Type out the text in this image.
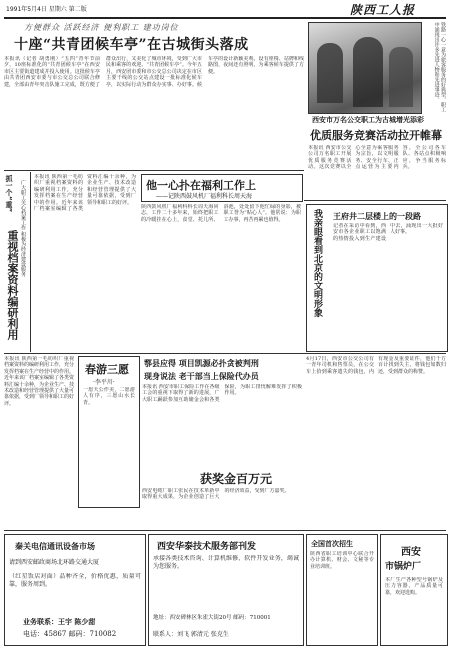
1991年5月4日 星期六 第二版	陕西工人报
方便群众 活跃经济 便利职工 建功岗位
十座“共青团候车亭”在古城街头落成
本报讯（记者 胡勇刚）“五四”青年节前夕，10座标准化的“共青团候车亭”在西安市区主要街道建成并投入使用。这批候车亭由共青团西安市委与市公交总公司联合修建，全部由青年突击队施工完成，既方便了群众出行，又美化了城市环境，受到广大市民和乘客的欢迎。“共青团候车亭”。今年五月，西安团市委和市公交总公司决定在市区主要干线的公交站点建设一批标准化候车亭，以实际行动为群众办实事、办好事。候车亭的设计新颖美观，设有座椅、站牌和线路图，夜间还有照明，为乘客候车提供了方便。
西安市万名公交职工为古城增光添彩
铁路一心一意为旅客服务的好典型，职工中涌现出许多先进人物和先进事迹。
优质服务竞赛活动拉开帷幕
本报讯 西安市公交公司万名职工开展优质服务竞赛活动。这次竞赛以全心全意为乘客服务为宗旨，以文明服务、安全行车、正点运营为主要内容，全公司各车队、各站点积极响应，争当服务标兵。
抓一个“重”
重视档案资料编研利用
广大职工关心档案工作 积极为经济建设服务
本报讯 陕西第一毛纺织厂重视档案资料的编研利用工作，充分发挥档案在生产经营中的作用。近年来该厂档案室编辑了各类资料汇编十余种，为企业生产、技术改造和经营管理提供了大量可靠依据，受到厂领导和职工的好评。
他一心扑在福利工作上
——记陕西鼓风机厂福利科长周天海
陕西鼓风机厂福利科科长周天海同志，工作二十多年来，始终把职工的冷暖挂在心上，食堂、托儿所、浴池，处处留下他忙碌的身影，被职工誉为“贴心人”。他常说：为职工办事，再苦再累也值得。	我亲眼看到北京的文明形象 王府井二层楼上的一段路
记者在采访中看到，西安市各企业职工以饱满的热情投入到生产建设中去，涌现出一大批好人好事。
本报讯 陕西第一毛纺织厂重视档案资料的编研利用工作，充分发挥档案在生产经营中的作用。近年来该厂档案室编辑了各类资料汇编十余种，为企业生产、技术改造和经营管理提供了大量可靠依据，受到厂领导和职工的好评。
春游三愿
·李平川·
一愿天公作美，二愿游人有序，三愿山水长青。
鄠县应得 项目凯源必扑贪被判刑
现身说法 老干部当上保险代办员
本报讯 西安市职工保险工作在各级工会的重视下取得了新的进展，广大职工踊跃参加互助储金会和各类保险，为职工排忧解难发挥了积极作用。
获奖金百万元
西安电缆厂职工张民在技术革新中取得重大成果，为企业创造了巨大的经济效益，受到厂方嘉奖。
4月17日，西安市公交公司有一青年司机和售票员，在公交车上拾到乘客遗失的钱包，内有现金及重要证件，他们千方百计找到失主，将钱包如数归还，受到群众的称赞。
秦关电信通讯设备市场
请到西安邮政商场北环路交通大厦
（红星饭店对面）品种齐全，价格优惠，质量可靠，服务周到。
业务联系：王宇 陈少甜
电话：45867 邮码：710082
西安华泰技术服务部刊发
承接各类技术咨询、计算机维修、软件开发业务，竭诚为您服务。
地址：西安碑林区朱雀大街20号 邮码：710001
联系人：刘飞 郭清元 张克生
全国首次招生
陕西省职工培训中心联合开办计算机、财会、文秘等专业培训班。
西安
市锅炉厂
本厂生产各种型号锅炉及压力容器，产品质量可靠，欢迎选购。
